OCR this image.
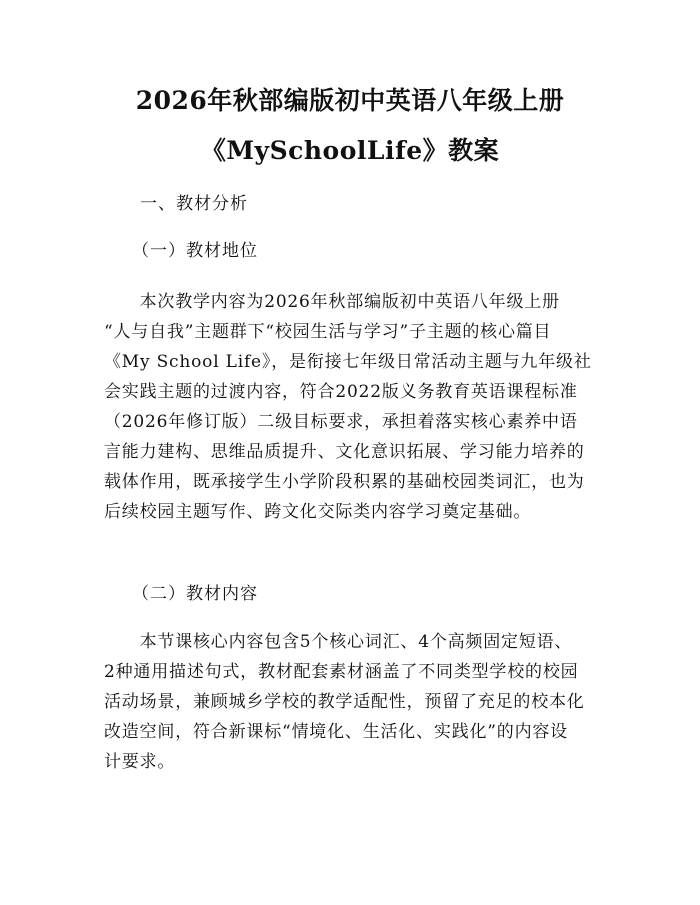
2026年秋部编版初中英语八年级上册
《MySchoolLife》教案
一、教材分析
（一）教材地位
　　本次教学内容为2026年秋部编版初中英语八年级上册
“人与自我”主题群下“校园生活与学习”子主题的核心篇目
《My School Life》，是衔接七年级日常活动主题与九年级社
会实践主题的过渡内容，符合2022版义务教育英语课程标准
（2026年修订版）二级目标要求，承担着落实核心素养中语
言能力建构、思维品质提升、文化意识拓展、学习能力培养的
载体作用，既承接学生小学阶段积累的基础校园类词汇，也为
后续校园主题写作、跨文化交际类内容学习奠定基础。
（二）教材内容
　　本节课核心内容包含5个核心词汇、4个高频固定短语、
2种通用描述句式，教材配套素材涵盖了不同类型学校的校园
活动场景，兼顾城乡学校的教学适配性，预留了充足的校本化
改造空间，符合新课标“情境化、生活化、实践化”的内容设
计要求。
